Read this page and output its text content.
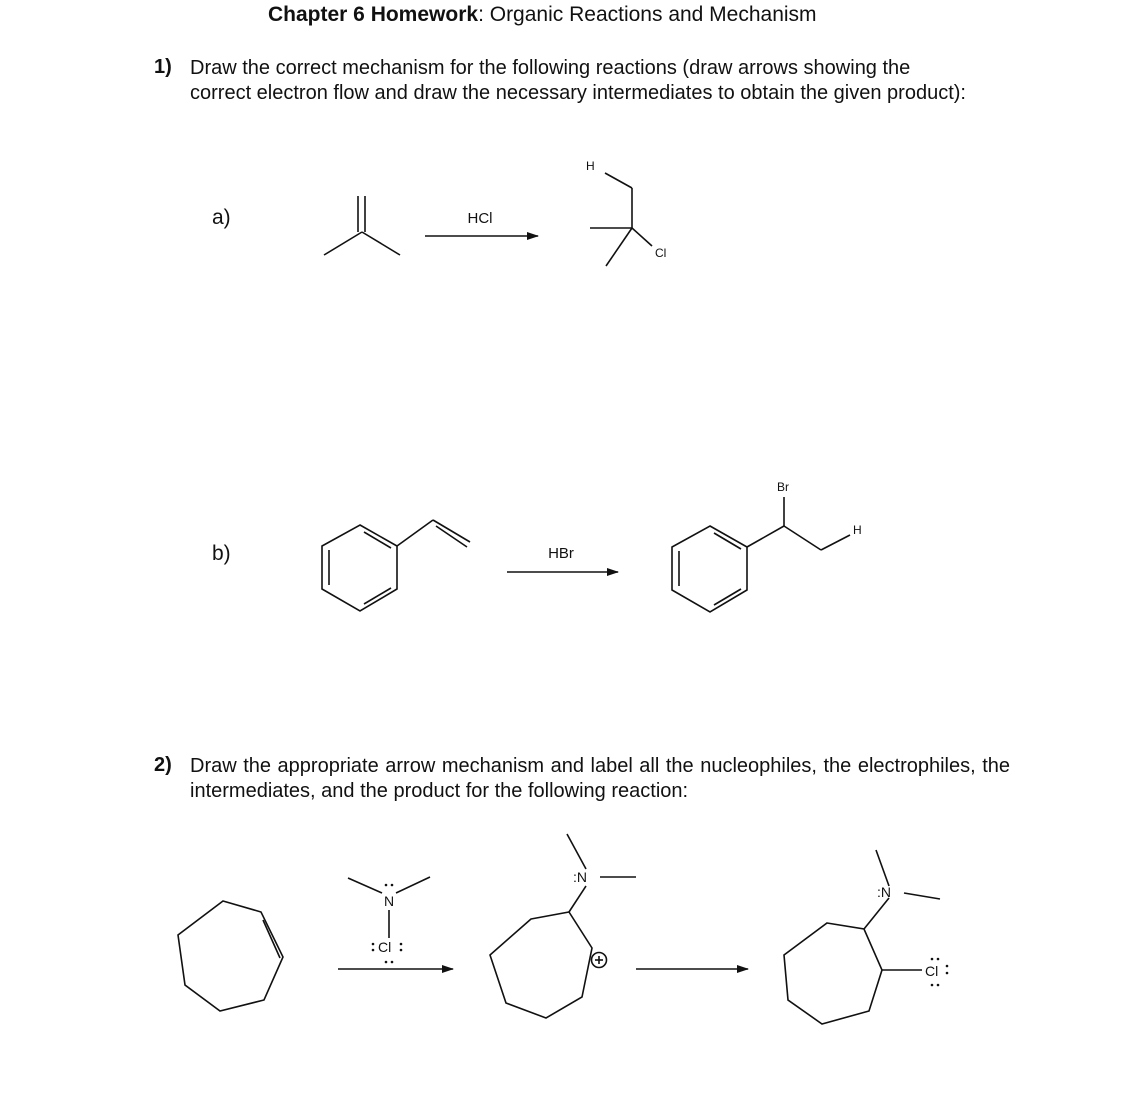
Chapter 6 Homework: Organic Reactions and Mechanism
1) Draw the correct mechanism for the following reactions (draw arrows showing the correct electron flow and draw the necessary intermediates to obtain the given product):
a)
b)
2) Draw the appropriate arrow mechanism and label all the nucleophiles, the electrophiles, the intermediates, and the product for the following reaction:
HCl
H
Cl
HBr
Br
H
N
Cl
:N
:N
Cl
